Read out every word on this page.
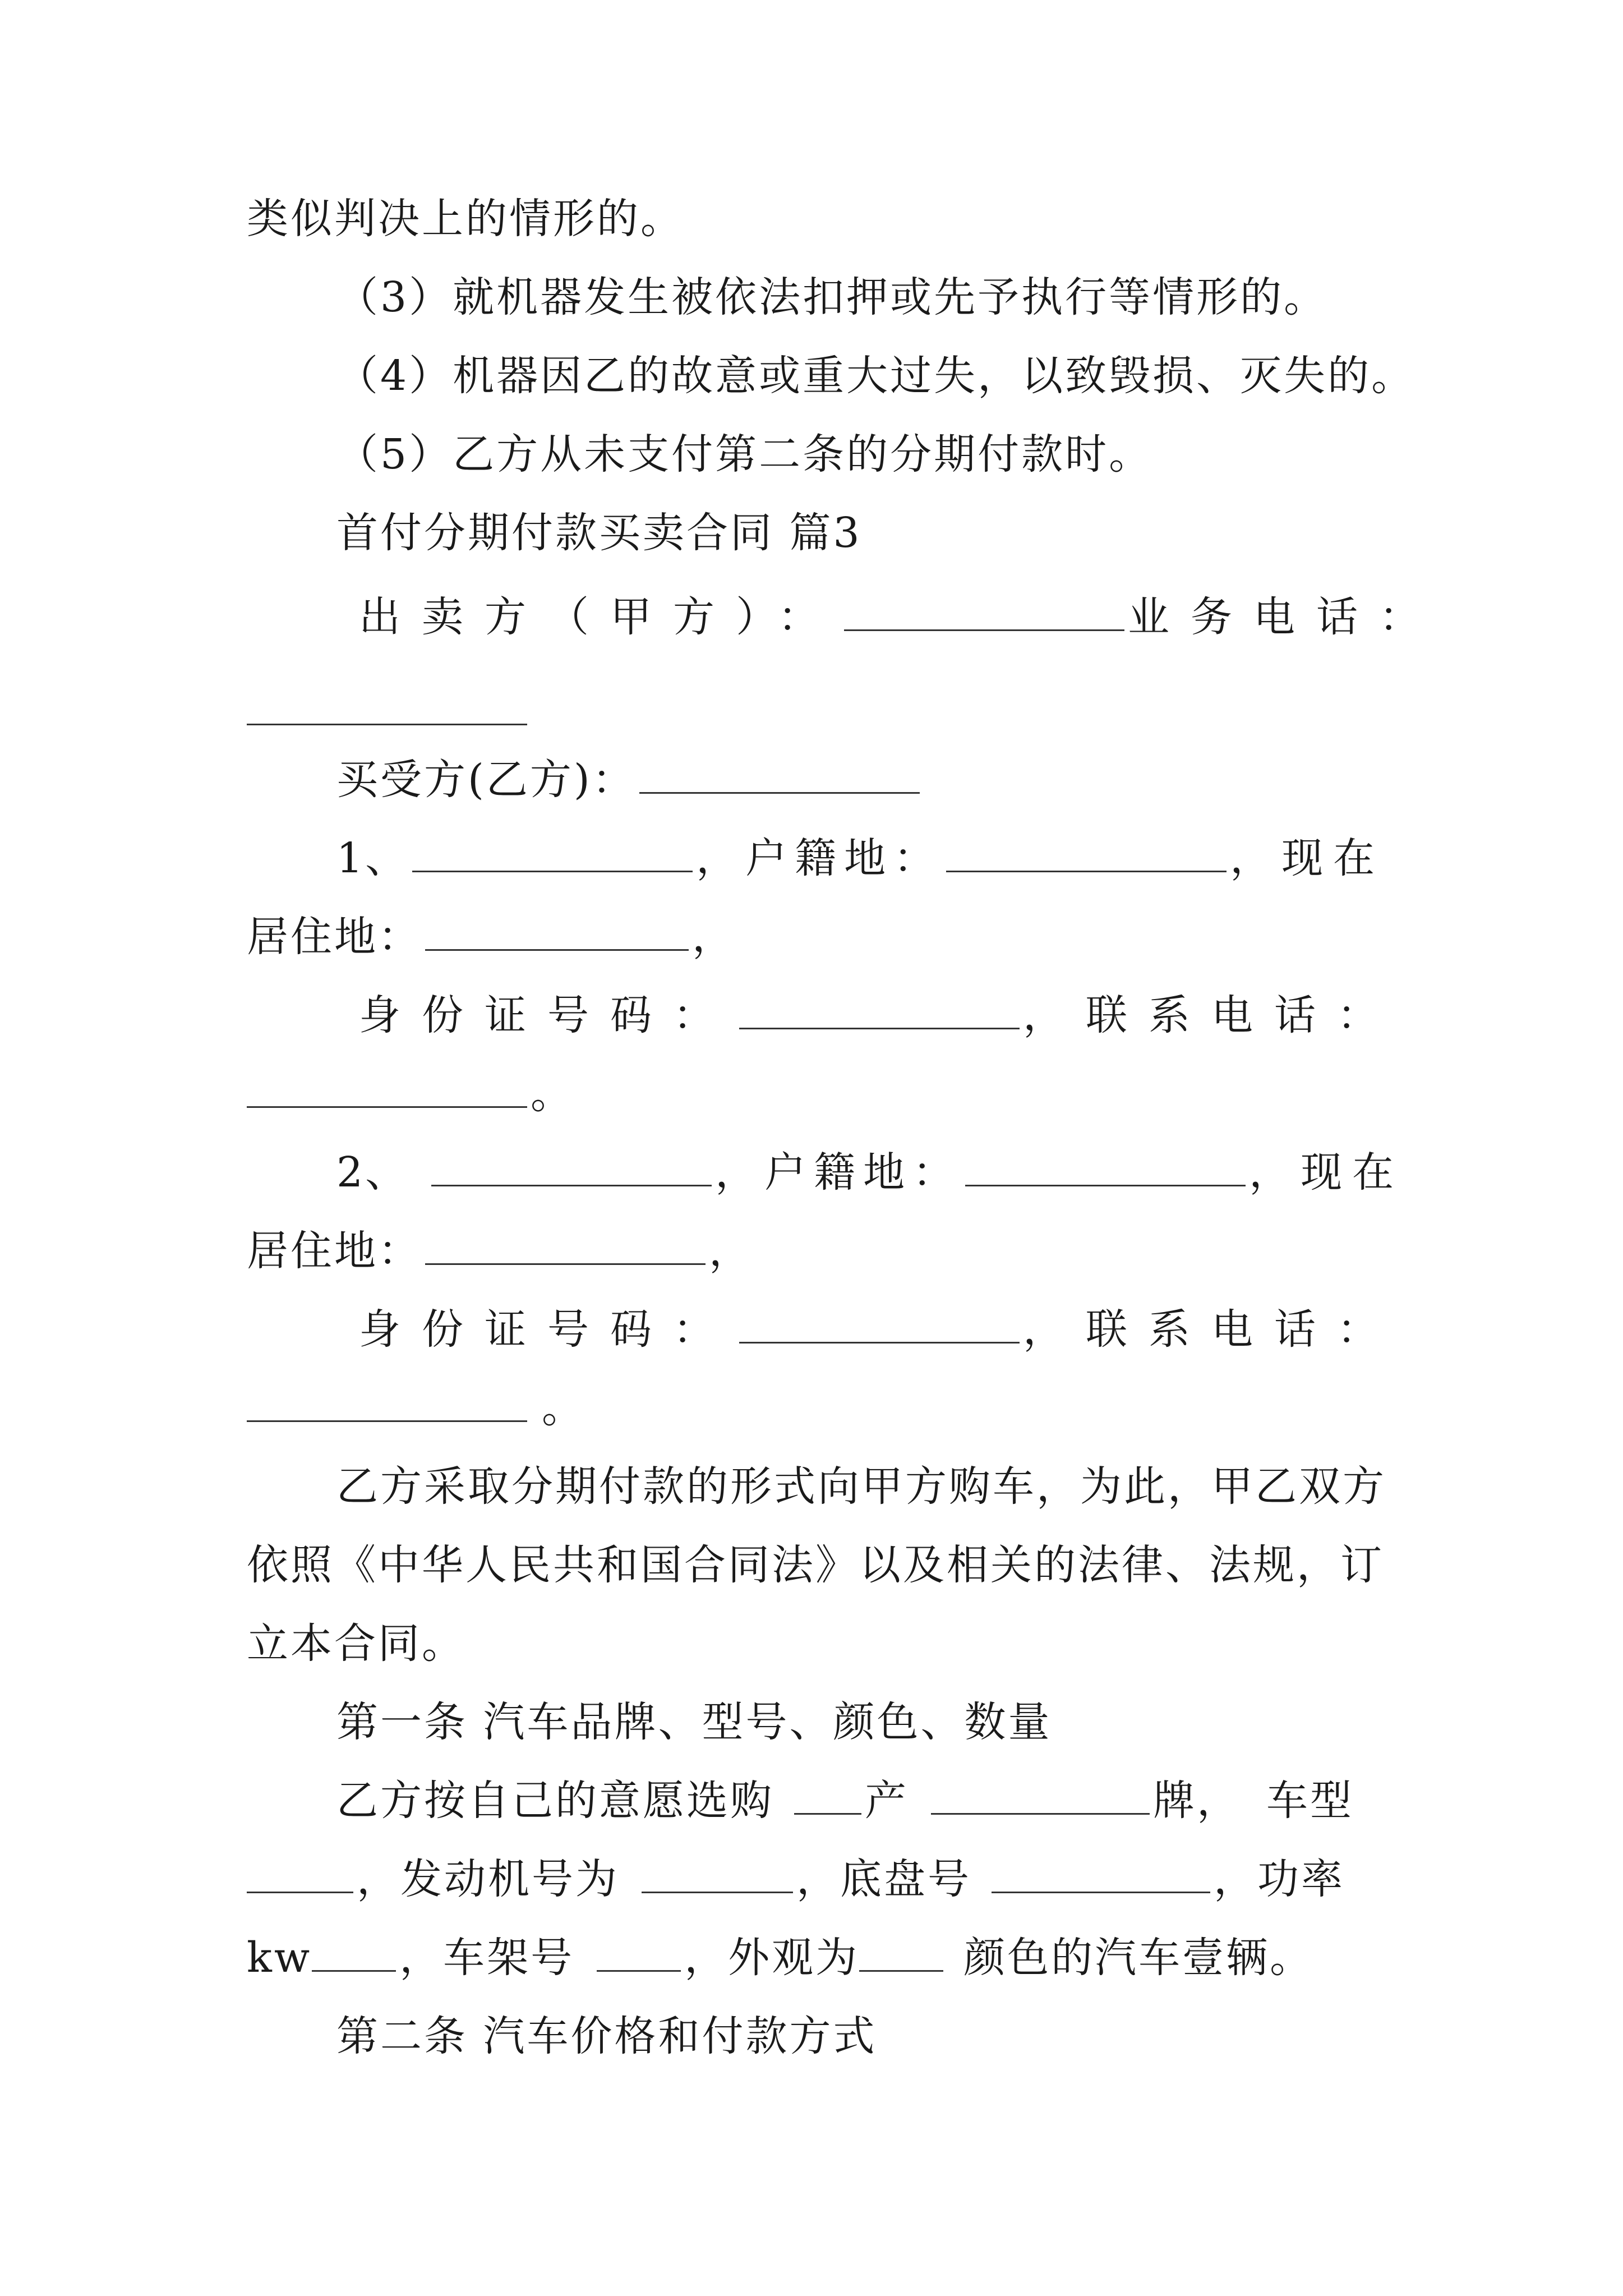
类似判决上的情形的。
（3）就机器发生被依法扣押或先予执行等情形的。
（4）机器因乙的故意或重大过失，以致毁损、灭失的。
（5）乙方从未支付第二条的分期付款时。
首付分期付款买卖合同 篇3
出卖方（甲方）：	业务电话：
买受方(乙方)：
1、	，户籍地：	，现在
居住地：	，
身份证号码：	，联系电话：
。
2、	，户籍地：	，现在
居住地：	，
身份证号码：	，联系电话：
。
乙方采取分期付款的形式向甲方购车，为此，甲乙双方
依照《中华人民共和国合同法》以及相关的法律、法规，订
立本合同。
第一条 汽车品牌、型号、颜色、数量
乙方按自己的意愿选购 产	牌， 车型
，发动机号为	，底盘号	，功率
kw ，车架号	，外观为	颜色的汽车壹辆。
第二条 汽车价格和付款方式
